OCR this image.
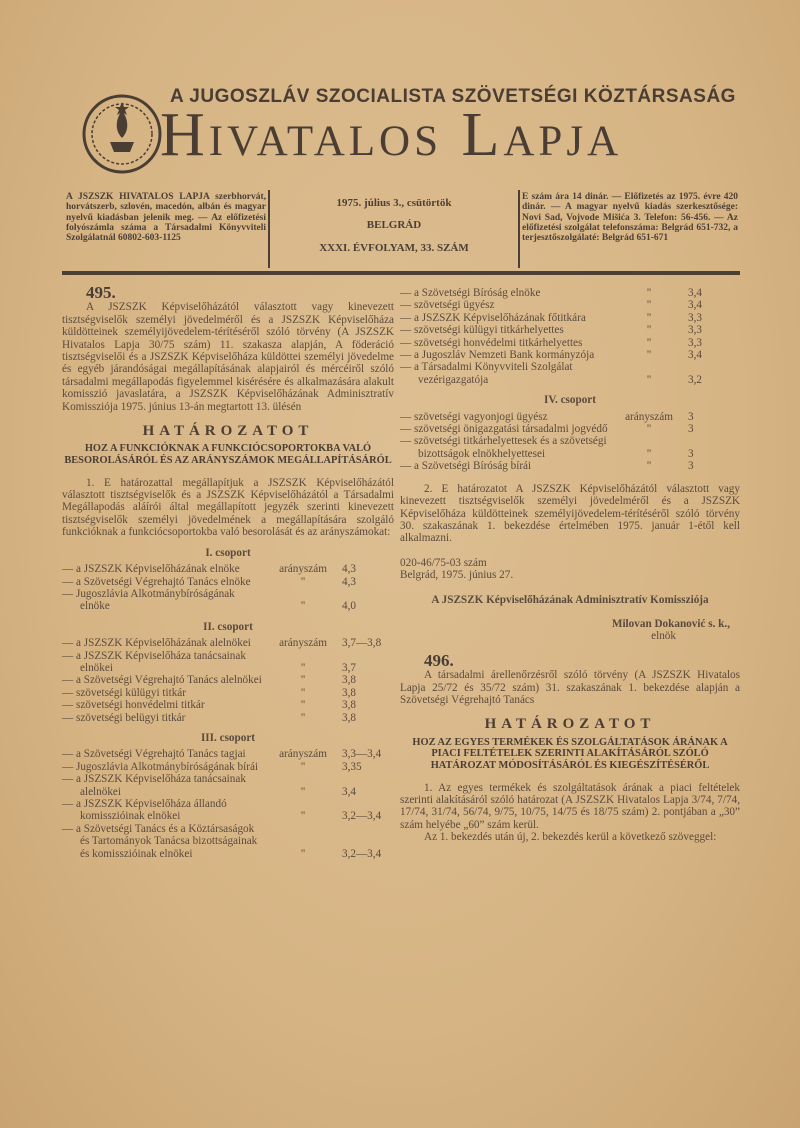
A JUGOSZLÁV SZOCIALISTA SZÖVETSÉGI KÖZTÁRSASÁG
Hivatalos Lapja
A JSZSZK HIVATALOS LAPJA szerbhorvát, horvátszerb, szlovén, macedón, albán és magyar nyelvű kiadásban jelenik meg. — Az előfizetési folyószámla száma a Társadalmi Könyvviteli Szolgálatnál 60802-603-1125
1975. július 3., csütörtök
BELGRÁD
XXXI. ÉVFOLYAM, 33. SZÁM
E szám ára 14 dinár. — Előfizetés az 1975. évre 420 dinár. — A magyar nyelvű kiadás szerkesztősége: Novi Sad, Vojvode Mišića 3. Telefon: 56-456. — Az előfizetési szolgálat telefonszáma: Belgrád 651-732, a terjesztőszolgálaté: Belgrád 651-671
495.

A JSZSZK Képviselőházától választott vagy kinevezett tisztségviselők személyi jövedelméről és a JSZSZK Képviselőháza küldötteinek személyijövedelem-térítéséről szóló törvény (A JSZSZK Hivatalos Lapja 30/75 szám) 11. szakasza alapján, A föderáció tisztségviselői és a JSZSZK Képviselőháza küldöttei személyi jövedelme és egyéb járandóságai megállapításának alapjairól és mércéiről szóló társadalmi megállapodás figyelemmel kisérésére és alkalmazására alakult komisszió javaslatára, a JSZSZK Képviselőházának Adminisztratív Komissziója 1975. június 13-án megtartott 13. ülésén

HATÁROZATOT
HOZ A FUNKCIÓKNAK A FUNKCIÓCSOPORTOKBA VALÓ BESOROLÁSÁRÓL ÉS AZ ARÁNYSZÁMOK MEGÁLLAPÍTÁSÁRÓL

1. E határozattal megállapítjuk a JSZSZK Képviselőházától választott tisztségviselők és a JSZSZK Képviselőházától a Társadalmi Megállapodás aláírói által megállapított jegyzék szerinti kinevezett tisztségviselők személyi jövedelmének a megállapítására szolgáló funkcióknak a funkciócsoportokba való besorolását és az arányszámokat:

I. csoport
— a JSZSZK Képviselőházának elnöke	arányszám	4,3
— a Szövetségi Végrehajtó Tanács elnöke	"	4,3
— Jugoszlávia Alkotmánybíróságának elnöke	"	4,0
II. csoport
— a JSZSZK Képviselőházának alelnökei	arányszám	3,7—3,8
— a JSZSZK Képviselőháza tanácsainak elnökei	"	3,7
— a Szövetségi Végrehajtó Tanács alelnökei	"	3,8
— szövetségi külügyi titkár	"	3,8
— szövetségi honvédelmi titkár	"	3,8
— szövetségi belügyi titkár	"	3,8
III. csoport
— a Szövetségi Végrehajtó Tanács tagjai	arányszám	3,3—3,4
— Jugoszlávia Alkotmánybíróságának bírái	"	3,35
— a JSZSZK Képviselőháza tanácsainak alelnökei	"	3,4
— a JSZSZK Képviselőháza állandó komisszióinak elnökei	"	3,2—3,4
— a Szövetségi Tanács és a Köztársaságok és Tartományok Tanácsa bizottságainak és komisszióinak elnökei	"	3,2—3,4
— a Szövetségi Bíróság elnöke	"	3,4
— szövetségi ügyész	"	3,4
— a JSZSZK Képviselőházának főtitkára	"	3,3
— szövetségi külügyi titkárhelyettes	"	3,3
— szövetségi honvédelmi titkárhelyettes	"	3,3
— a Jugoszláv Nemzeti Bank kormányzója	"	3,4
— a Társadalmi Könyvviteli Szolgálat vezérigazgatója	"	3,2
IV. csoport
— szövetségi vagyonjogi ügyész	arányszám	3
— szövetségi önigazgatási társadalmi jogvédő	"	3
— szövetségi titkárhelyettesek és a szövetségi bizottságok elnökhelyettesei	"	3
— a Szövetségi Bíróság bírái	"	3

2. E határozatot A JSZSZK Képviselőházától választott vagy kinevezett tisztségviselők személyi jövedelméről és a JSZSZK Képviselőháza küldötteinek személyijövedelem-térítéséről szóló törvény 30. szakaszának 1. bekezdése értelmében 1975. január 1-étől kell alkalmazni.

020-46/75-03 szám
Belgrád, 1975. június 27.
A JSZSZK Képviselőházának Adminisztratív Komissziója
Milovan Dokanović s. k.,
elnök
496.

A társadalmi árellenőrzésről szóló törvény (A JSZSZK Hivatalos Lapja 25/72 és 35/72 szám) 31. szakaszának 1. bekezdése alapján a Szövetségi Végrehajtó Tanács

HATÁROZATOT
HOZ AZ EGYES TERMÉKEK ÉS SZOLGÁLTATÁSOK ÁRÁNAK A PIACI FELTÉTELEK SZERINTI ALAKÍTÁSÁRÓL SZÓLÓ HATÁROZAT MÓDOSÍTÁSÁRÓL ÉS KIEGÉSZÍTÉSÉRŐL

1. Az egyes termékek és szolgáltatások árának a piaci feltételek szerinti alakításáról szóló határozat (A JSZSZK Hivatalos Lapja 3/74, 7/74, 17/74, 31/74, 56/74, 9/75, 10/75, 14/75 és 18/75 szám) 2. pontjában a „30” szám helyébe „60” szám kerül.

Az 1. bekezdés után új, 2. bekezdés kerül a következő szöveggel:
